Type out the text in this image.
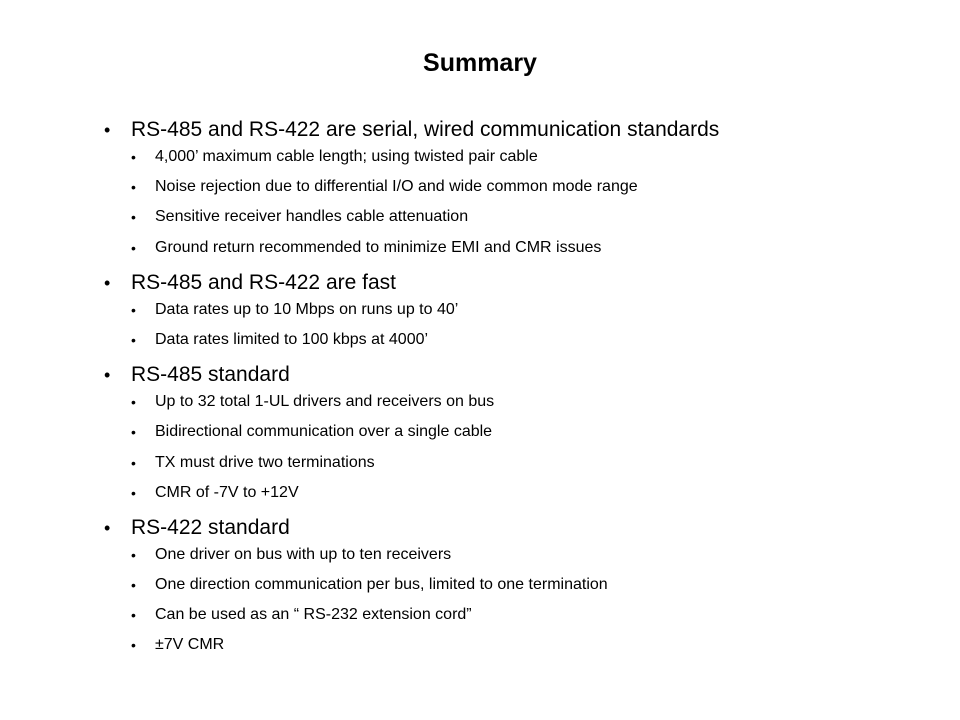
Summary
• RS-485 and RS-422 are serial, wired communication standards
• 4,000’ maximum cable length; using twisted pair cable
• Noise rejection due to differential I/O and wide common mode range
• Sensitive receiver handles cable attenuation
• Ground return recommended to minimize EMI and CMR issues
• RS-485 and RS-422 are fast
• Data rates up to 10 Mbps on runs up to 40’
• Data rates limited to 100 kbps at 4000’
• RS-485 standard
• Up to 32 total 1-UL drivers and receivers on bus
• Bidirectional communication over a single cable
• TX must drive two terminations
• CMR of -7V to +12V
• RS-422 standard
• One driver on bus with up to ten receivers
• One direction communication per bus, limited to one termination
• Can be used as an “ RS-232 extension cord”
• ±7V CMR
